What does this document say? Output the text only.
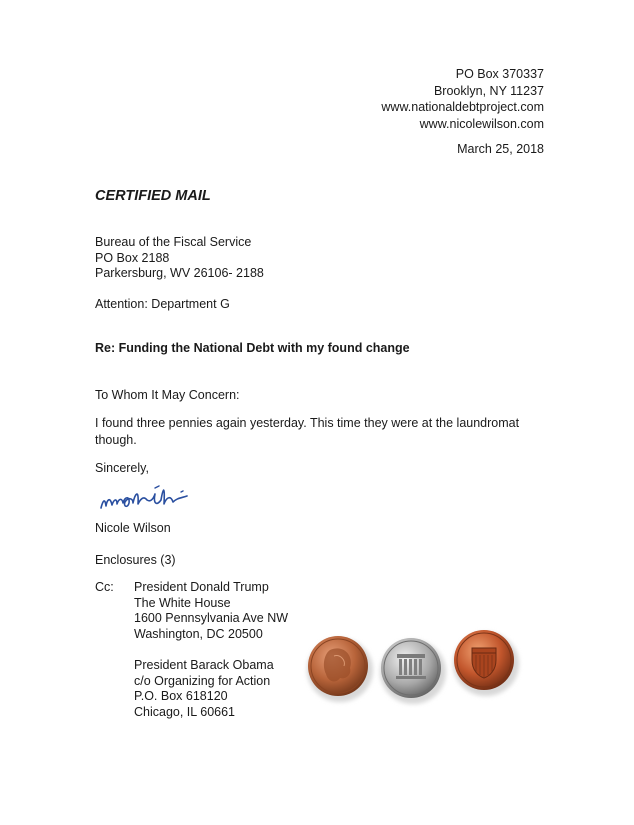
PO Box 370337
Brooklyn, NY 11237
www.nationaldebtproject.com
www.nicolewilson.com
March 25, 2018
CERTIFIED MAIL
Bureau of the Fiscal Service
PO Box 2188
Parkersburg, WV 26106- 2188
Attention: Department G
Re: Funding the National Debt with my found change
To Whom It May Concern:
I found three pennies again yesterday. This time they were at the laundromat though.
Sincerely,
Nicole Wilson
Enclosures (3)
Cc: President Donald Trump
The White House
1600 Pennsylvania Ave NW
Washington, DC 20500
President Barack Obama
c/o Organizing for Action
P.O. Box 618120
Chicago, IL 60661
